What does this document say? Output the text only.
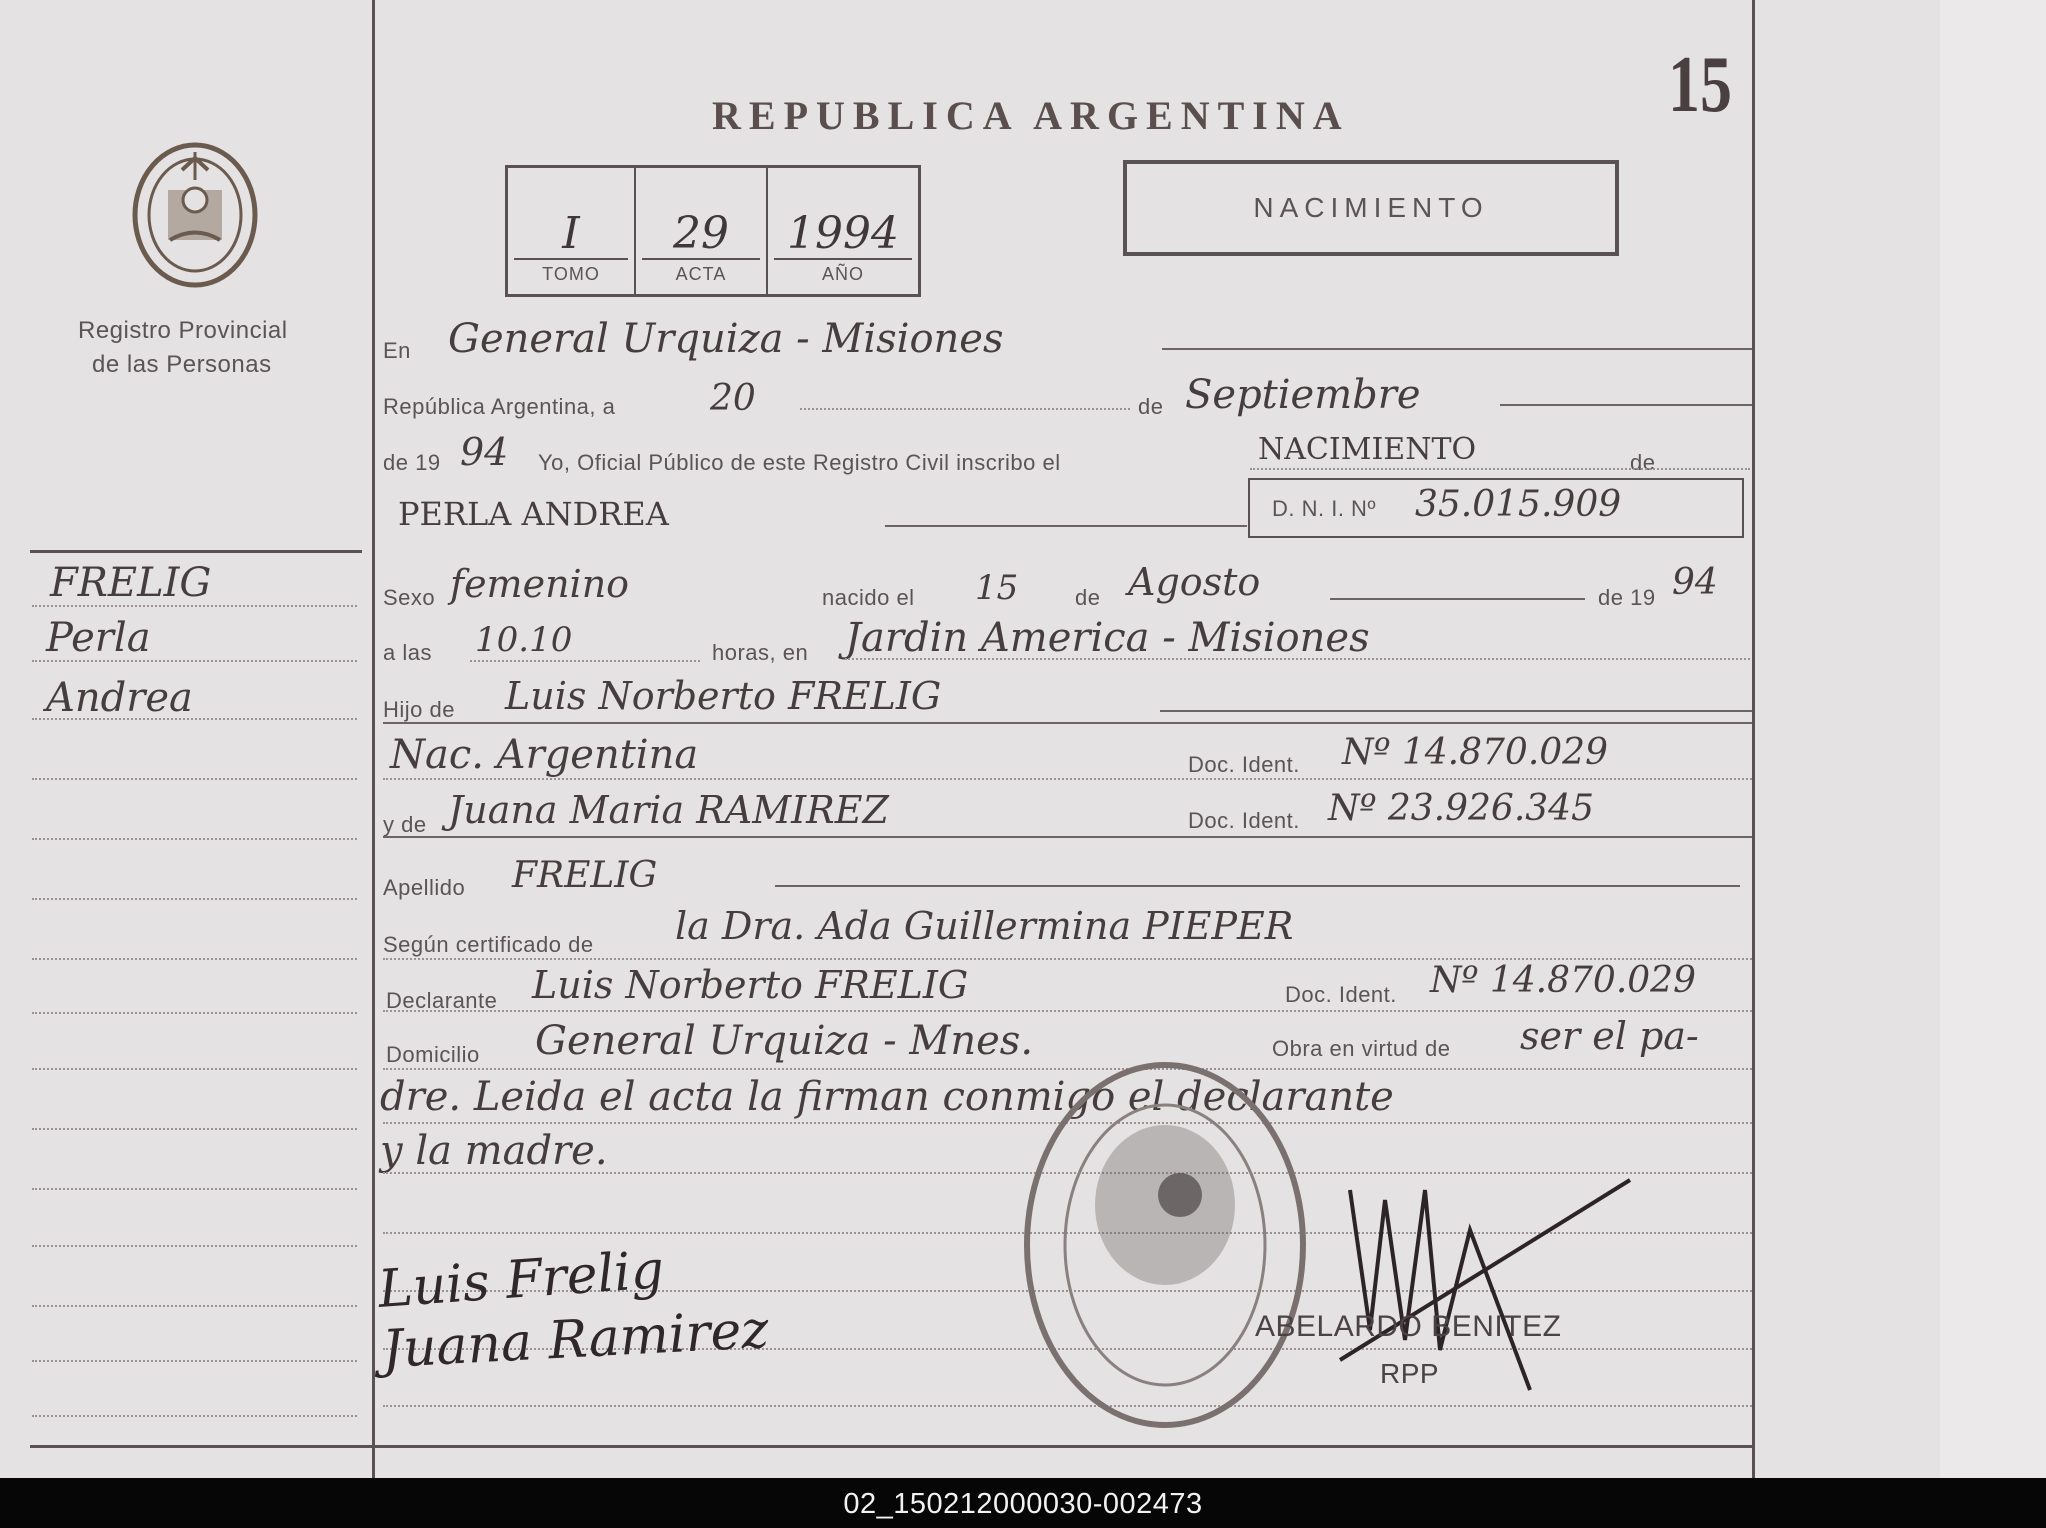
REPUBLICA ARGENTINA	15
Registro Provincial
de las Personas
FRELIG
Perla
Andrea
I
TOMO
29
ACTA
1994
AÑO
NACIMIENTO
En General Urquiza - Misiones
República Argentina, a	20	de Septiembre
de 19 94 Yo, Oficial Público de este Registro Civil inscribo el	NACIMIENTO	de
PERLA ANDREA	D. N. I. Nº 35.015.909
Sexo femenino	nacido el 15	de Agosto	de 19 94
a las 10.10	horas, en Jardin America - Misiones
Hijo de Luis Norberto FRELIG
Nac. Argentina	Doc. Ident. Nº 14.870.029
y de Juana Maria RAMIREZ	Doc. Ident. Nº 23.926.345
Apellido FRELIG
Según certificado de la Dra. Ada Guillermina PIEPER
Declarante Luis Norberto FRELIG	Doc. Ident. Nº 14.870.029
Domicilio General Urquiza - Mnes.	Obra en virtud de ser el pa-
dre. Leida el acta la firman conmigo el declarante
y la madre.
Luis Frelig
Juana Ramirez	ABELARDO BENITEZ
RPP
02_150212000030-002473
